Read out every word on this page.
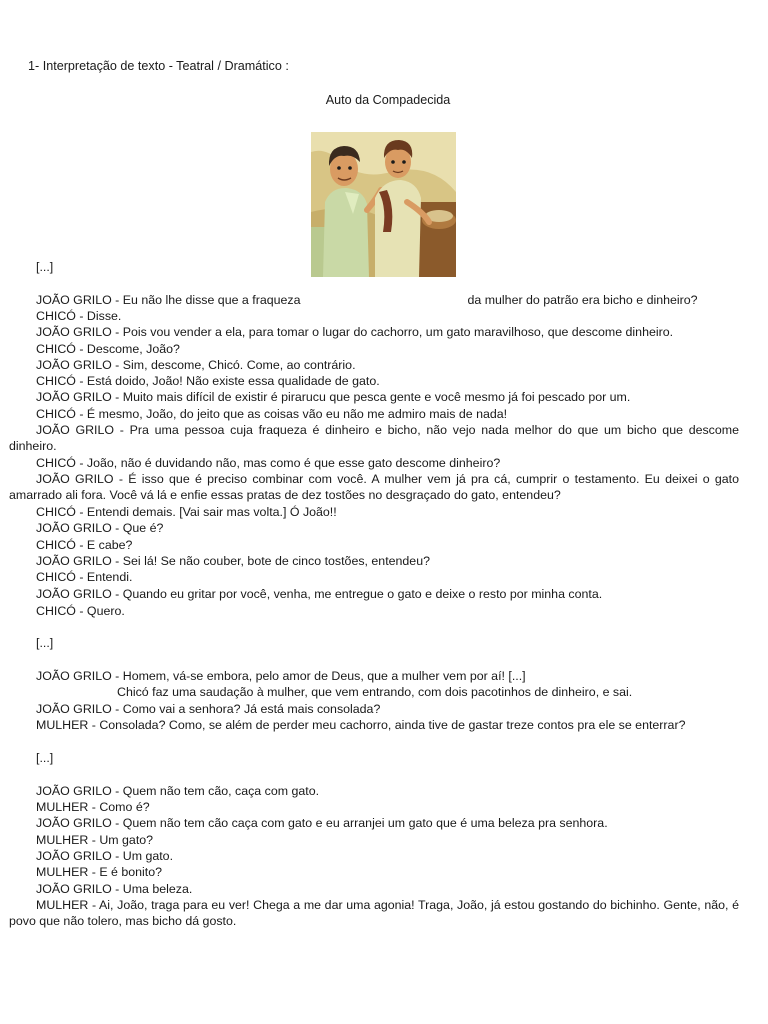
1- Interpretação de texto - Teatral / Dramático :
Auto da Compadecida
[...]
JOÃO GRILO - Eu não lhe disse que a fraqueza	da mulher do patrão era bicho e dinheiro?
CHICÓ - Disse.
JOÃO GRILO - Pois vou vender a ela, para tomar o lugar do cachorro, um gato maravilhoso, que descome dinheiro.
CHICÓ - Descome, João?
JOÃO GRILO - Sim, descome, Chicó. Come, ao contrário.
CHICÓ - Está doido, João! Não existe essa qualidade de gato.
JOÃO GRILO - Muito mais difícil de existir é pirarucu que pesca gente e você mesmo já foi pescado por um.
CHICÓ - É mesmo, João, do jeito que as coisas vão eu não me admiro mais de nada!
JOÃO GRILO - Pra uma pessoa cuja fraqueza é dinheiro e bicho, não vejo nada melhor do que um bicho que descome dinheiro.
CHICÓ - João, não é duvidando não, mas como é que esse gato descome dinheiro?
JOÃO GRILO - É isso que é preciso combinar com você. A mulher vem já pra cá, cumprir o testamento. Eu deixei o gato amarrado ali fora. Você vá lá e enfie essas pratas de dez tostões no desgraçado do gato, entendeu?
CHICÓ - Entendi demais. [Vai sair mas volta.] Ó João!!
JOÃO GRILO - Que é?
CHICÓ - E cabe?
JOÃO GRILO - Sei lá! Se não couber, bote de cinco tostões, entendeu?
CHICÓ - Entendi.
JOÃO GRILO - Quando eu gritar por você, venha, me entregue o gato e deixe o resto por minha conta.
CHICÓ - Quero.
[...]
JOÃO GRILO - Homem, vá-se embora, pelo amor de Deus, que a mulher vem por aí! [...]
Chicó faz uma saudação à mulher, que vem entrando, com dois pacotinhos de dinheiro, e sai.
JOÃO GRILO - Como vai a senhora? Já está mais consolada?
MULHER - Consolada? Como, se além de perder meu cachorro, ainda tive de gastar treze contos pra ele se enterrar?
[...]
JOÃO GRILO - Quem não tem cão, caça com gato.
MULHER - Como é?
JOÃO GRILO - Quem não tem cão caça com gato e eu arranjei um gato que é uma beleza pra senhora.
MULHER - Um gato?
JOÃO GRILO - Um gato.
MULHER - E é bonito?
JOÃO GRILO - Uma beleza.
MULHER - Ai, João, traga para eu ver! Chega a me dar uma agonia! Traga, João, já estou gostando do bichinho. Gente, não, é povo que não tolero, mas bicho dá gosto.
